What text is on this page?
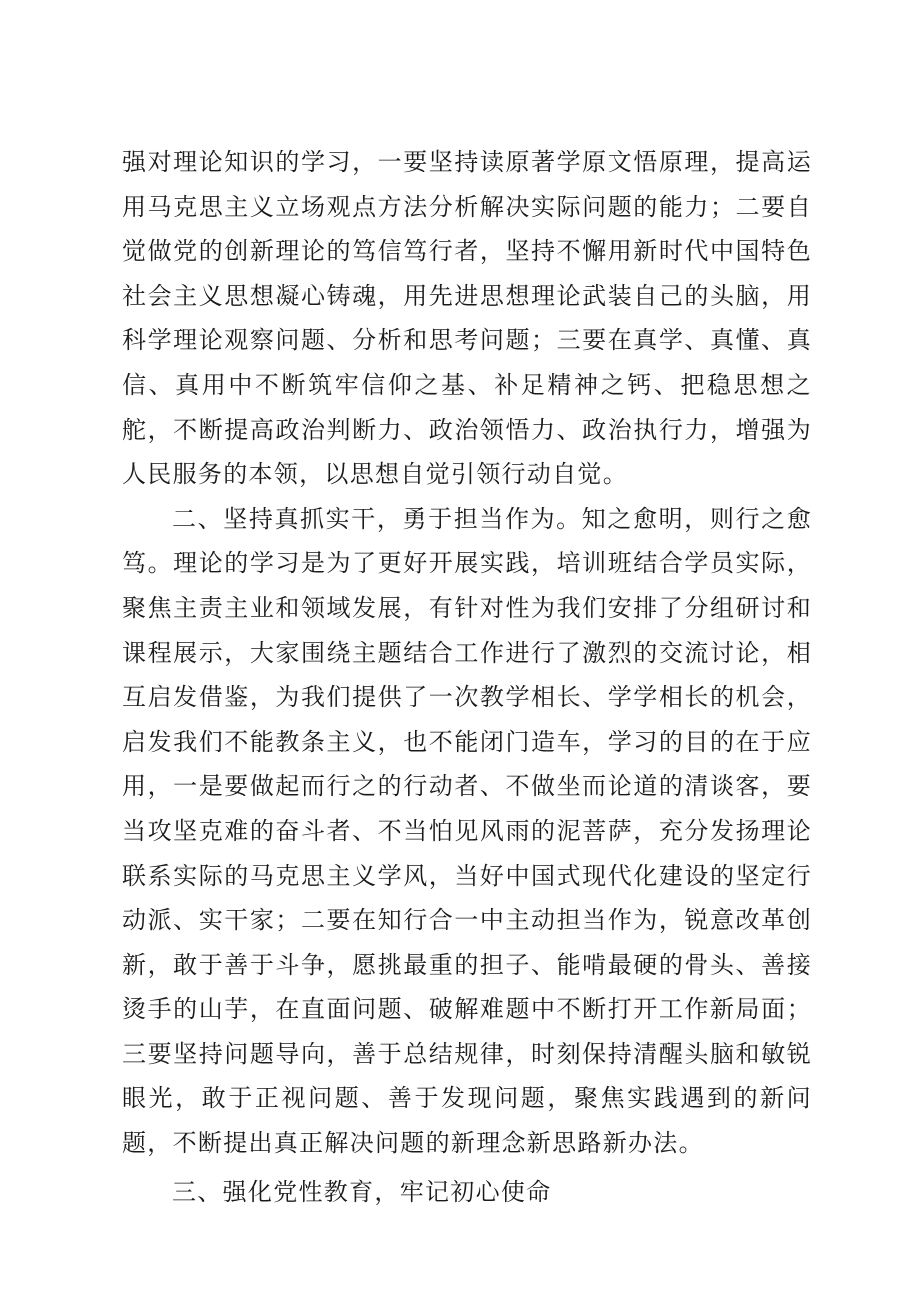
强对理论知识的学习，一要坚持读原著学原文悟原理，提高运用马克思主义立场观点方法分析解决实际问题的能力；二要自觉做党的创新理论的笃信笃行者，坚持不懈用新时代中国特色社会主义思想凝心铸魂，用先进思想理论武装自己的头脑，用科学理论观察问题、分析和思考问题；三要在真学、真懂、真信、真用中不断筑牢信仰之基、补足精神之钙、把稳思想之舵，不断提高政治判断力、政治领悟力、政治执行力，增强为人民服务的本领，以思想自觉引领行动自觉。

二、坚持真抓实干，勇于担当作为。知之愈明，则行之愈笃。理论的学习是为了更好开展实践，培训班结合学员实际，聚焦主责主业和领域发展，有针对性为我们安排了分组研讨和课程展示，大家围绕主题结合工作进行了激烈的交流讨论，相互启发借鉴，为我们提供了一次教学相长、学学相长的机会，启发我们不能教条主义，也不能闭门造车，学习的目的在于应用，一是要做起而行之的行动者、不做坐而论道的清谈客，要当攻坚克难的奋斗者、不当怕见风雨的泥菩萨，充分发扬理论联系实际的马克思主义学风，当好中国式现代化建设的坚定行动派、实干家；二要在知行合一中主动担当作为，锐意改革创新，敢于善于斗争，愿挑最重的担子、能啃最硬的骨头、善接烫手的山芋，在直面问题、破解难题中不断打开工作新局面；三要坚持问题导向，善于总结规律，时刻保持清醒头脑和敏锐眼光，敢于正视问题、善于发现问题，聚焦实践遇到的新问题，不断提出真正解决问题的新理念新思路新办法。

三、强化党性教育，牢记初心使命
